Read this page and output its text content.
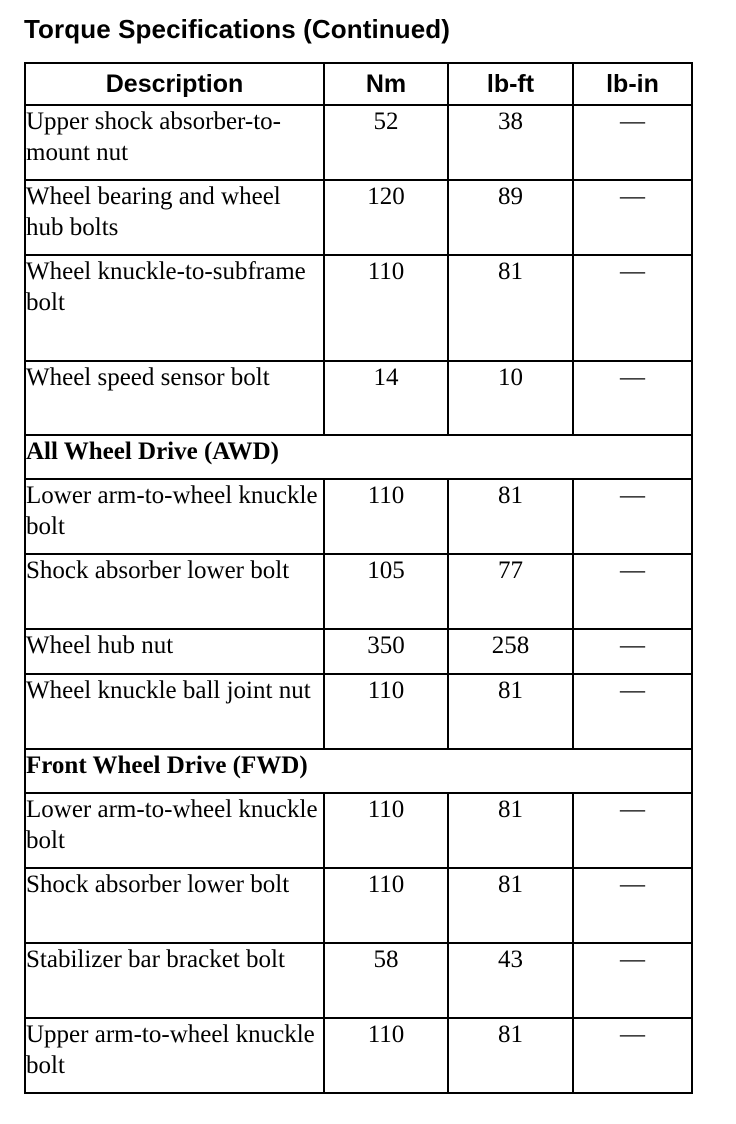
Torque Specifications (Continued)
Description	Nm	lb-ft	lb-in
Upper shock absorber-to-mount nut	52	38	—
Wheel bearing and wheel hub bolts	120	89	—
Wheel knuckle-to-subframe bolt	110	81	—
Wheel speed sensor bolt	14	10	—
All Wheel Drive (AWD)			
Lower arm-to-wheel knuckle bolt	110	81	—
Shock absorber lower bolt	105	77	—
Wheel hub nut	350	258	—
Wheel knuckle ball joint nut	110	81	—
Front Wheel Drive (FWD)			
Lower arm-to-wheel knuckle bolt	110	81	—
Shock absorber lower bolt	110	81	—
Stabilizer bar bracket bolt	58	43	—
Upper arm-to-wheel knuckle bolt	110	81	—
